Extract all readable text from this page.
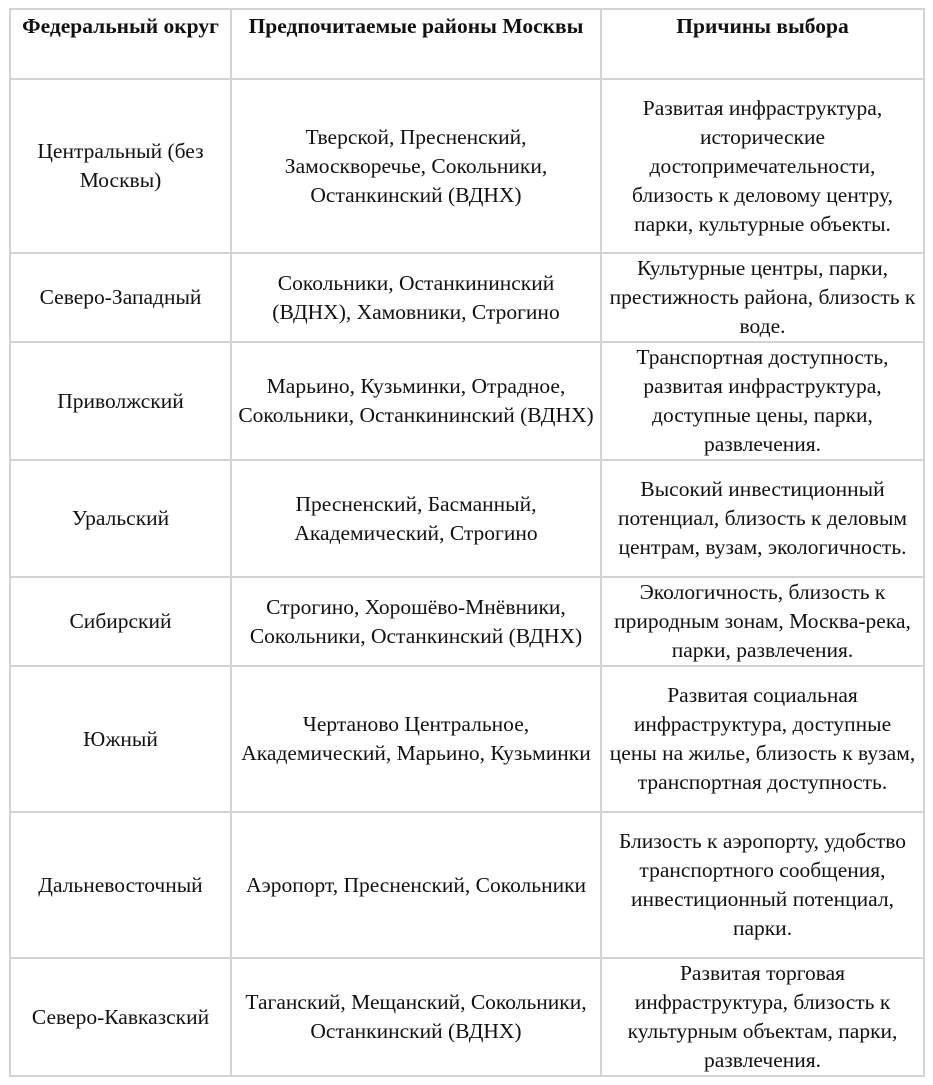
Федеральный округ	Предпочитаемые районы Москвы	Причины выбора
Центральный (без Москвы)	Тверской, Пресненский, Замоскворечье, Сокольники, Останкинский (ВДНХ)	Развитая инфраструктура, исторические достопримечательности, близость к деловому центру, парки, культурные объекты.
Северо-Западный	Сокольники, Останкининский (ВДНХ), Хамовники, Строгино	Культурные центры, парки, престижность района, близость к воде.
Приволжский	Марьино, Кузьминки, Отрадное, Сокольники, Останкининский (ВДНХ)	Транспортная доступность, развитая инфраструктура, доступные цены, парки, развлечения.
Уральский	Пресненский, Басманный, Академический, Строгино	Высокий инвестиционный потенциал, близость к деловым центрам, вузам, экологичность.
Сибирский	Строгино, Хорошёво-Мнёвники, Сокольники, Останкинский (ВДНХ)	Экологичность, близость к природным зонам, Москва-река, парки, развлечения.
Южный	Чертаново Центральное, Академический, Марьино, Кузьминки	Развитая социальная инфраструктура, доступные цены на жилье, близость к вузам, транспортная доступность.
Дальневосточный	Аэропорт, Пресненский, Сокольники	Близость к аэропорту, удобство транспортного сообщения, инвестиционный потенциал, парки.
Северо-Кавказский	Таганский, Мещанский, Сокольники, Останкинский (ВДНХ)	Развитая торговая инфраструктура, близость к культурным объектам, парки, развлечения.
